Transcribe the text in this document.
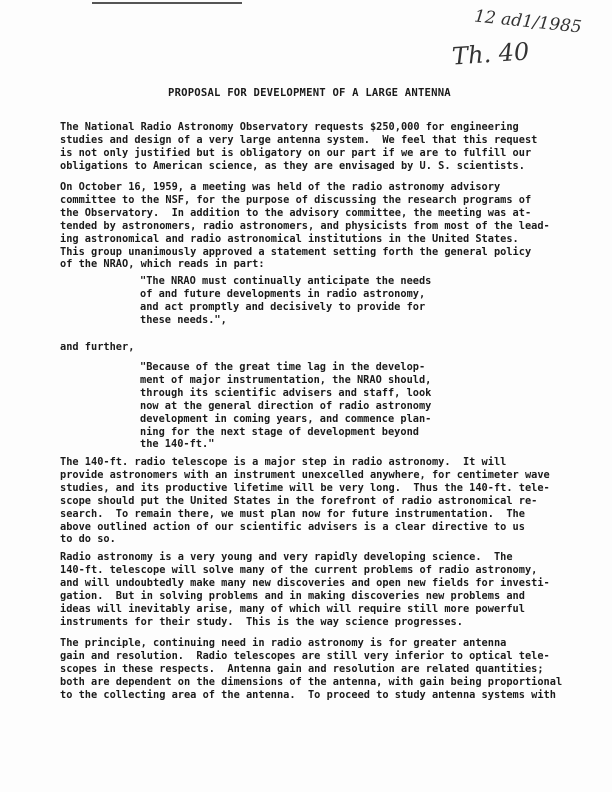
12 ad1/1985
Th. 40
PROPOSAL FOR DEVELOPMENT OF A LARGE ANTENNA

The National Radio Astronomy Observatory requests $250,000 for engineering
studies and design of a very large antenna system.  We feel that this request
is not only justified but is obligatory on our part if we are to fulfill our
obligations to American science, as they are envisaged by U. S. scientists.

On October 16, 1959, a meeting was held of the radio astronomy advisory
committee to the NSF, for the purpose of discussing the research programs of
the Observatory.  In addition to the advisory committee, the meeting was at-
tended by astronomers, radio astronomers, and physicists from most of the lead-
ing astronomical and radio astronomical institutions in the United States.
This group unanimously approved a statement setting forth the general policy
of the NRAO, which reads in part:

"The NRAO must continually anticipate the needs
of and future developments in radio astronomy,
and act promptly and decisively to provide for
these needs.",

and further,

"Because of the great time lag in the develop-
ment of major instrumentation, the NRAO should,
through its scientific advisers and staff, look
now at the general direction of radio astronomy
development in coming years, and commence plan-
ning for the next stage of development beyond
the 140-ft."

The 140-ft. radio telescope is a major step in radio astronomy.  It will
provide astronomers with an instrument unexcelled anywhere, for centimeter wave
studies, and its productive lifetime will be very long.  Thus the 140-ft. tele-
scope should put the United States in the forefront of radio astronomical re-
search.  To remain there, we must plan now for future instrumentation.  The
above outlined action of our scientific advisers is a clear directive to us
to do so.

Radio astronomy is a very young and very rapidly developing science.  The
140-ft. telescope will solve many of the current problems of radio astronomy,
and will undoubtedly make many new discoveries and open new fields for investi-
gation.  But in solving problems and in making discoveries new problems and
ideas will inevitably arise, many of which will require still more powerful
instruments for their study.  This is the way science progresses.

The principle, continuing need in radio astronomy is for greater antenna
gain and resolution.  Radio telescopes are still very inferior to optical tele-
scopes in these respects.  Antenna gain and resolution are related quantities;
both are dependent on the dimensions of the antenna, with gain being proportional
to the collecting area of the antenna.  To proceed to study antenna systems with
